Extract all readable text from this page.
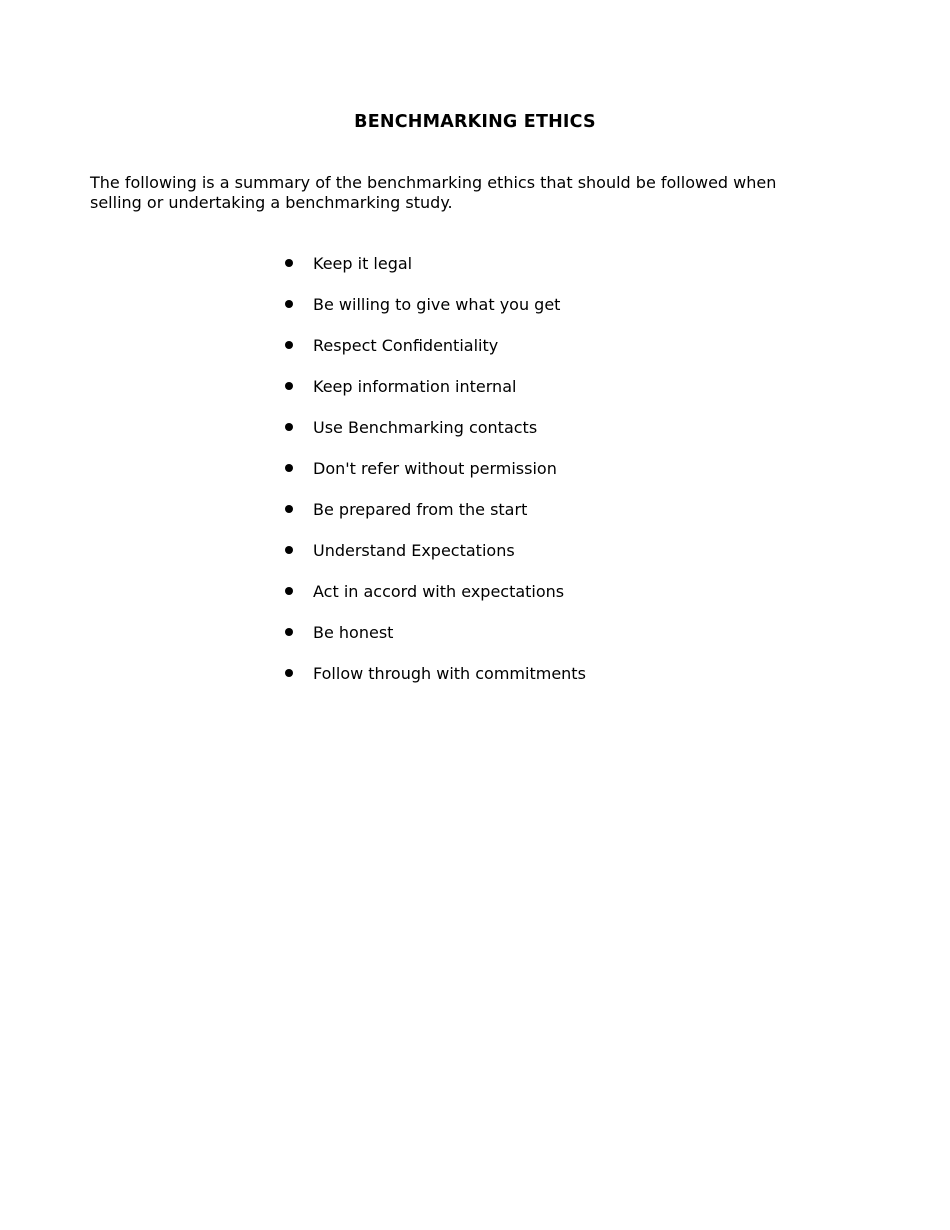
BENCHMARKING ETHICS

The following is a summary of the benchmarking ethics that should be followed when
selling or undertaking a benchmarking study.

Keep it legal
Be willing to give what you get
Respect Confidentiality
Keep information internal
Use Benchmarking contacts
Don't refer without permission
Be prepared from the start
Understand Expectations
Act in accord with expectations
Be honest
Follow through with commitments
